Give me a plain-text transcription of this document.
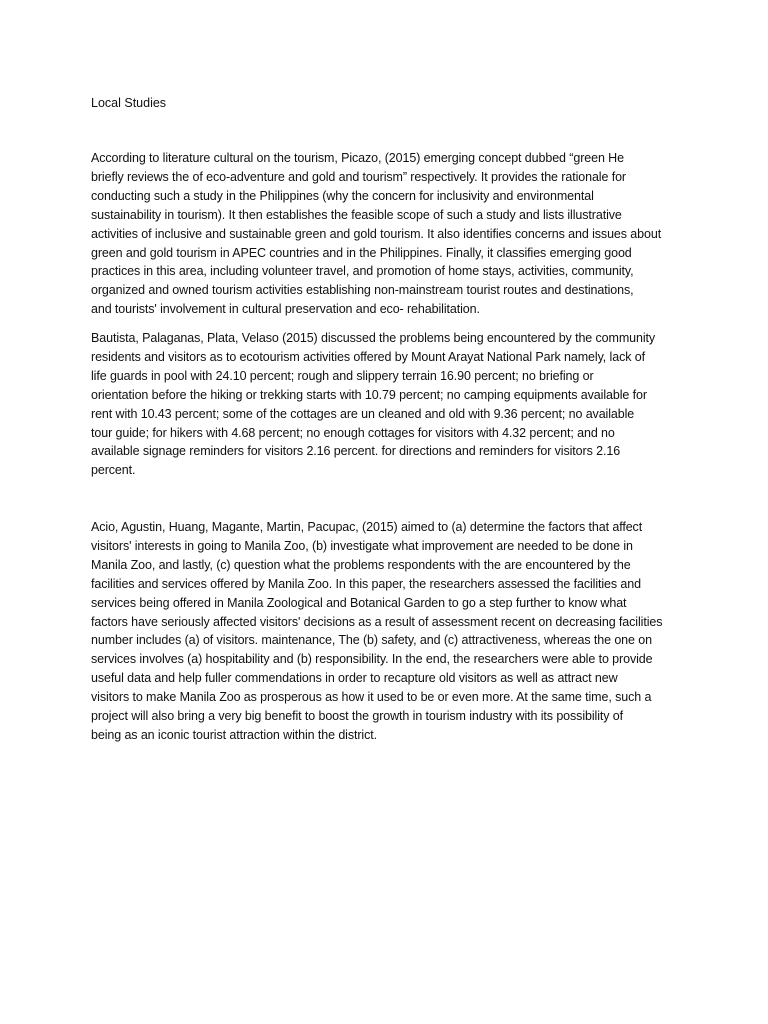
Local Studies

According to literature cultural on the tourism, Picazo, (2015) emerging concept dubbed “green He
briefly reviews the of eco-adventure and gold and tourism” respectively. It provides the rationale for
conducting such a study in the Philippines (why the concern for inclusivity and environmental
sustainability in tourism). It then establishes the feasible scope of such a study and lists illustrative
activities of inclusive and sustainable green and gold tourism. It also identifies concerns and issues about
green and gold tourism in APEC countries and in the Philippines. Finally, it classifies emerging good
practices in this area, including volunteer travel, and promotion of home stays, activities, community,
organized and owned tourism activities establishing non-mainstream tourist routes and destinations,
and tourists' involvement in cultural preservation and eco- rehabilitation.

Bautista, Palaganas, Plata, Velaso (2015) discussed the problems being encountered by the community
residents and visitors as to ecotourism activities offered by Mount Arayat National Park namely, lack of
life guards in pool with 24.10 percent; rough and slippery terrain 16.90 percent; no briefing or
orientation before the hiking or trekking starts with 10.79 percent; no camping equipments available for
rent with 10.43 percent; some of the cottages are un cleaned and old with 9.36 percent; no available
tour guide; for hikers with 4.68 percent; no enough cottages for visitors with 4.32 percent; and no
available signage reminders for visitors 2.16 percent. for directions and reminders for visitors 2.16
percent.

Acio, Agustin, Huang, Magante, Martin, Pacupac, (2015) aimed to (a) determine the factors that affect
visitors' interests in going to Manila Zoo, (b) investigate what improvement are needed to be done in
Manila Zoo, and lastly, (c) question what the problems respondents with the are encountered by the
facilities and services offered by Manila Zoo. In this paper, the researchers assessed the facilities and
services being offered in Manila Zoological and Botanical Garden to go a step further to know what
factors have seriously affected visitors' decisions as a result of assessment recent on decreasing facilities
number includes (a) of visitors. maintenance, The (b) safety, and (c) attractiveness, whereas the one on
services involves (a) hospitability and (b) responsibility. In the end, the researchers were able to provide
useful data and help fuller commendations in order to recapture old visitors as well as attract new
visitors to make Manila Zoo as prosperous as how it used to be or even more. At the same time, such a
project will also bring a very big benefit to boost the growth in tourism industry with its possibility of
being as an iconic tourist attraction within the district.
